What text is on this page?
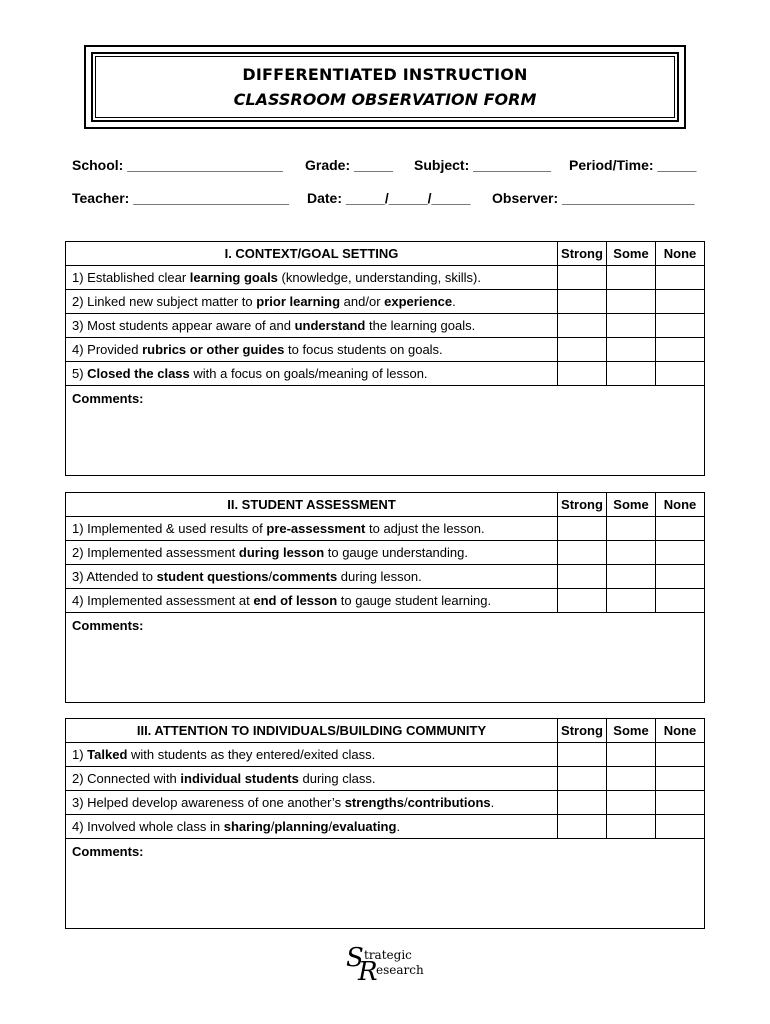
DIFFERENTIATED INSTRUCTION
CLASSROOM OBSERVATION FORM
School: ____________________ Grade: _____ Subject: __________ Period/Time: _____
Teacher: ____________________ Date: _____/_____/_____ Observer: _________________
I. CONTEXT/GOAL SETTING	Strong	Some	None
1) Established clear learning goals (knowledge, understanding, skills).			
2) Linked new subject matter to prior learning and/or experience.			
3) Most students appear aware of and understand the learning goals.			
4) Provided rubrics or other guides to focus students on goals.			
5) Closed the class with a focus on goals/meaning of lesson.			
Comments:			
II. STUDENT ASSESSMENT	Strong	Some	None
1) Implemented & used results of pre-assessment to adjust the lesson.			
2) Implemented assessment during lesson to gauge understanding.			
3) Attended to student questions/comments during lesson.			
4) Implemented assessment at end of lesson to gauge student learning.			
Comments:			
III. ATTENTION TO INDIVIDUALS/BUILDING COMMUNITY	Strong	Some	None
1) Talked with students as they entered/exited class.			
2) Connected with individual students during class.			
3) Helped develop awareness of one another’s strengths/contributions.			
4) Involved whole class in sharing/planning/evaluating.			
Comments:			
S trategic
R
esearch
